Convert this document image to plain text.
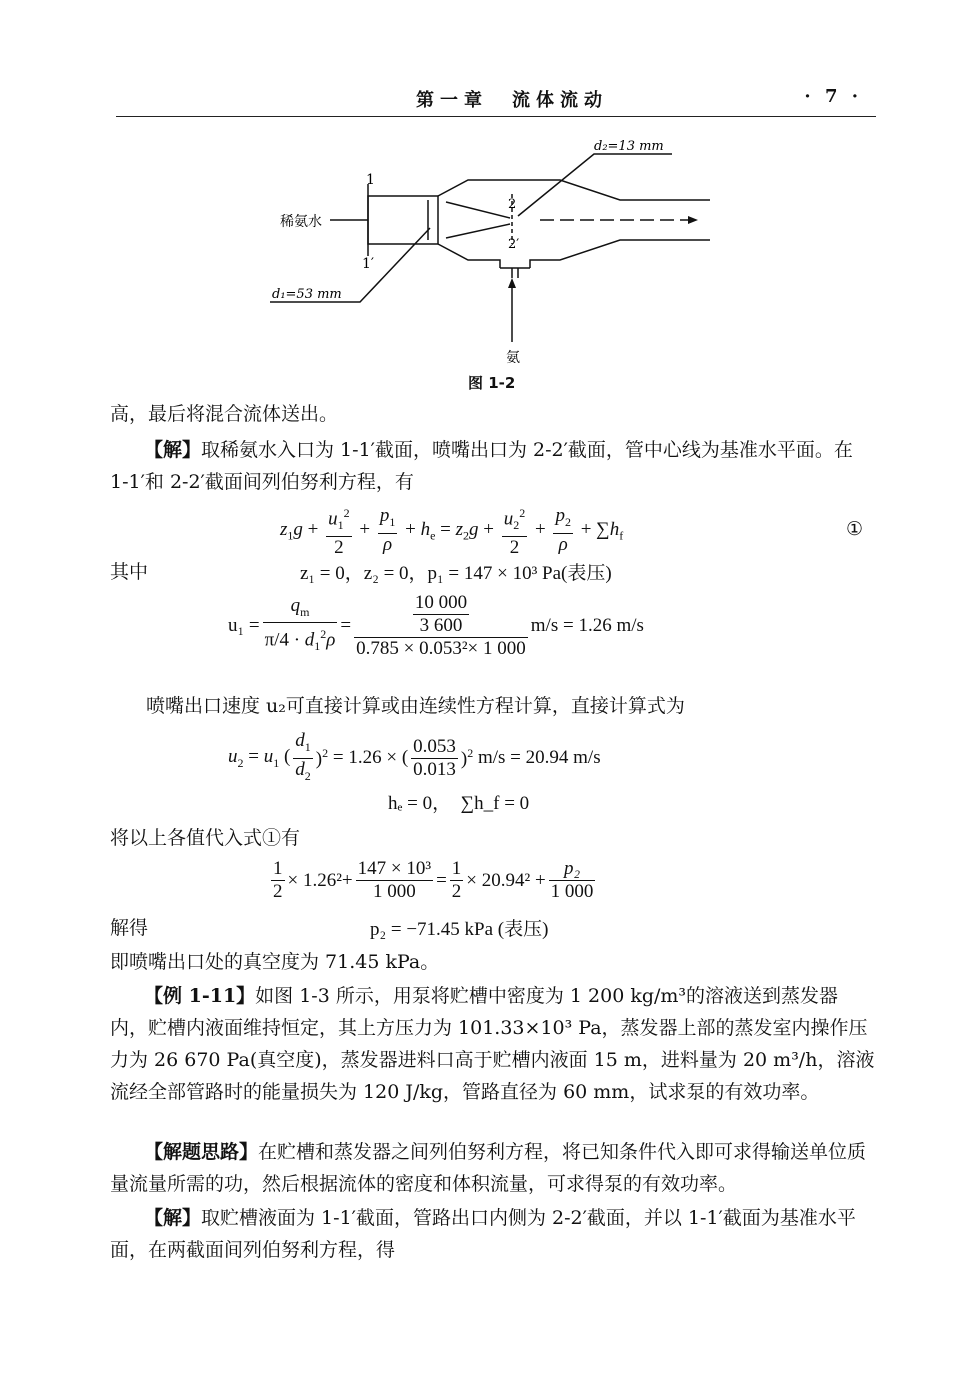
第一章　流体流动	· 7 ·
稀氨水
1
1′
2
2′
d₁=53 mm
d₂=13 mm
氨
图 1-2
高，最后将混合流体送出。
【解】取稀氨水入口为 1-1′截面，喷嘴出口为 2-2′截面，管中心线为基准水平面。在 1-1′和 2-2′截面间列伯努利方程，有
$z_1g + \frac{u_1^2}{2} + \frac{p_1}{\rho} + h_e = z_2g + \frac{u_2^2}{2} + \frac{p_2}{\rho} + \sum h_f$	①
其中	z₁ = 0，z₂ = 0，p₁ = 147 × 10³ Pa(表压)
$u_1 = \frac{q_m}{\pi/4 \cdot d_1^2\rho} = \frac{\frac{10 000}{3 600}}{\text{0.785 × 0.053²× 1 000}} m/s = 1.26$ m/s
喷嘴出口速度 u₂可直接计算或由连续性方程计算，直接计算式为
$u_2 = u_1$ ( $\frac{d_1}{d_2} )^2 = 1.26$ × ( $\frac{0.053}{0.013} )^2$ m/s = 20.94 m/s
hₑ = 0，　∑h_f = 0
将以上各值代入式①有
$\frac{1}{2} \times 1.26^2+ \frac{\text{147 × 10³}}{1 000} = \frac{1}{2} \times 20.94^2 + \frac{\text{p₂}}{1 000}$
解得	p₂ = −71.45 kPa (表压)
即喷嘴出口处的真空度为 71.45 kPa。
【例 1-11】如图 1-3 所示，用泵将贮槽中密度为 1 200 kg/m³的溶液送到蒸发器内，贮槽内液面维持恒定，其上方压力为 101.33×10³ Pa，蒸发器上部的蒸发室内操作压力为 26 670 Pa(真空度)，蒸发器进料口高于贮槽内液面 15 m，进料量为 20 m³/h，溶液流经全部管路时的能量损失为 120 J/kg，管路直径为 60 mm，试求泵的有效功率。
【解题思路】在贮槽和蒸发器之间列伯努利方程，将已知条件代入即可求得输送单位质量流量所需的功，然后根据流体的密度和体积流量，可求得泵的有效功率。
【解】取贮槽液面为 1-1′截面，管路出口内侧为 2-2′截面，并以 1-1′截面为基准水平面，在两截面间列伯努利方程，得
